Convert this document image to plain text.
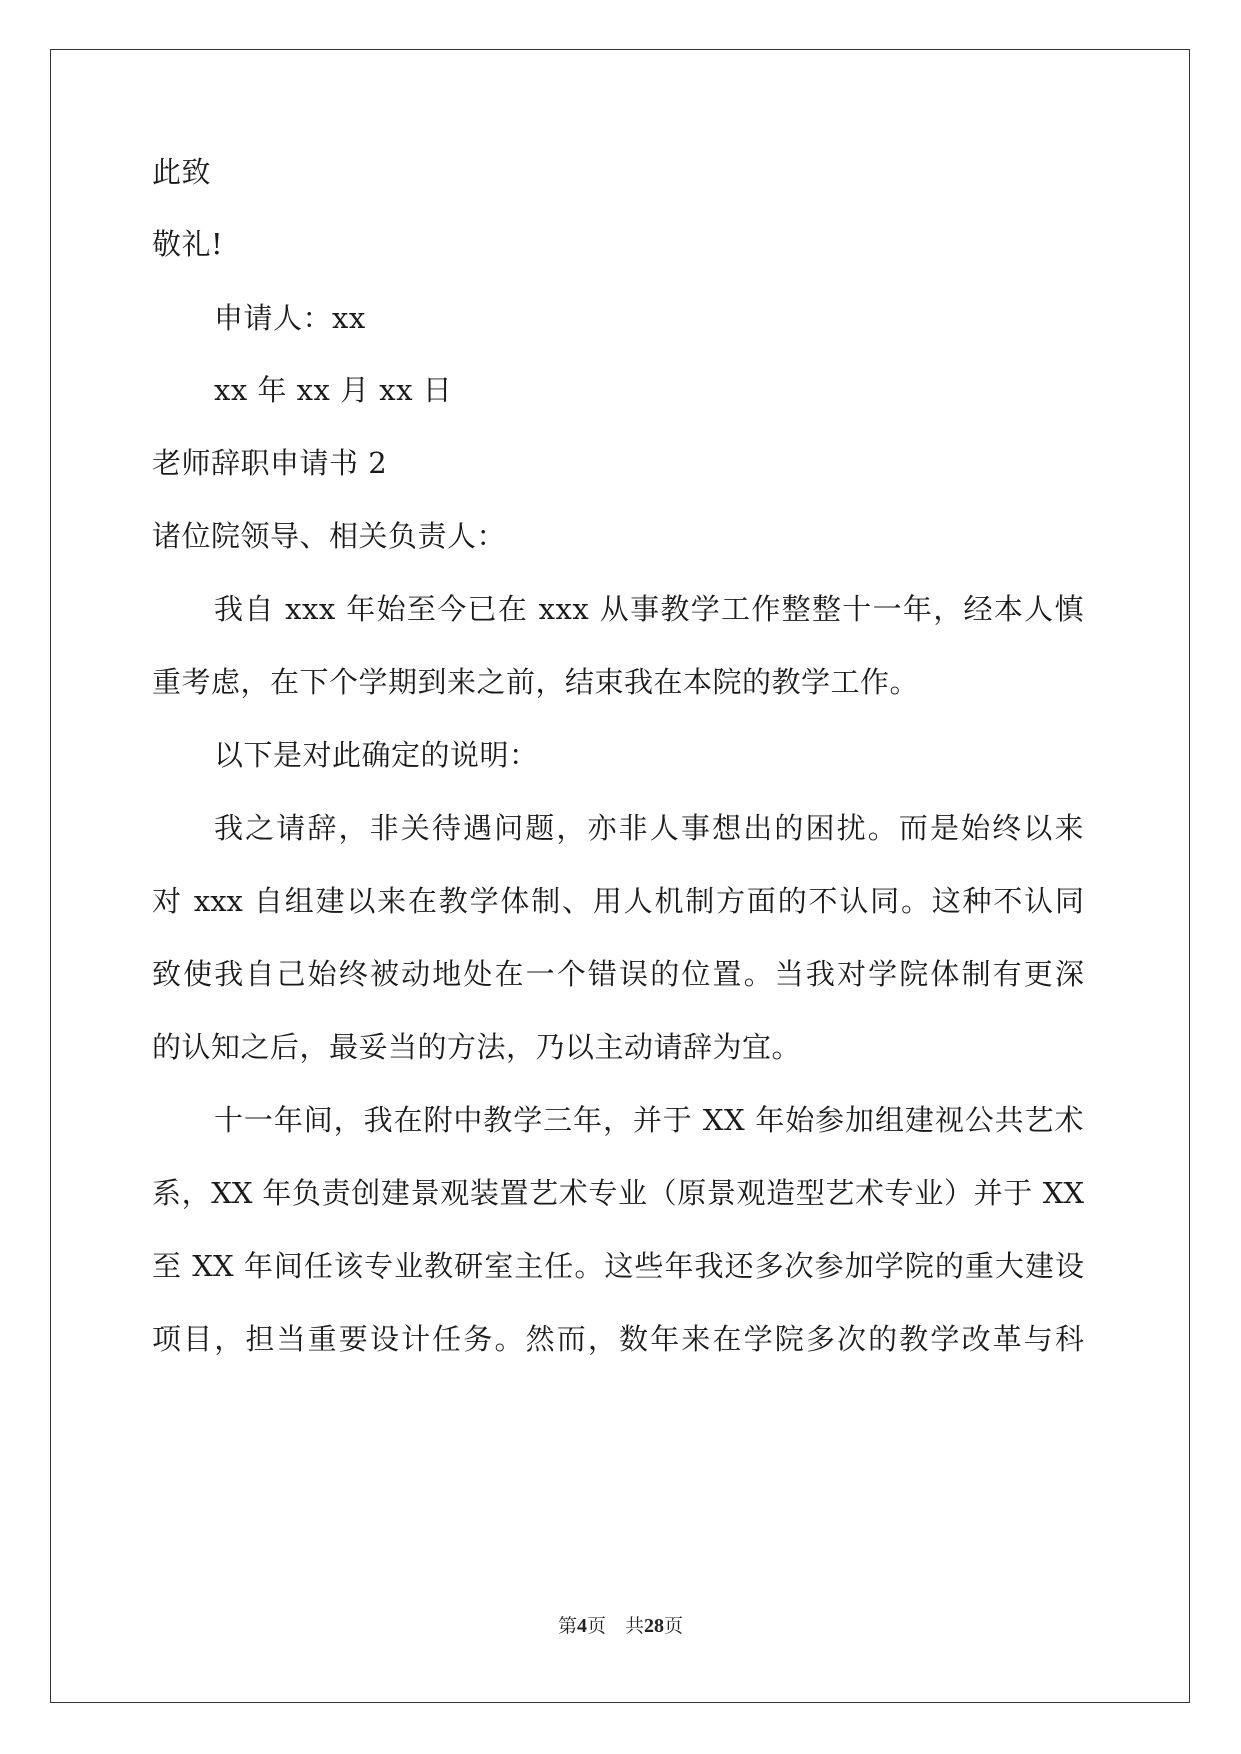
此致
敬礼!
申请人：xx
xx 年 xx 月 xx 日
老师辞职申请书 2
诸位院领导、相关负责人：
我自 xxx 年始至今已在 xxx 从事教学工作整整十一年，经本人慎
重考虑，在下个学期到来之前，结束我在本院的教学工作。
以下是对此确定的说明：
我之请辞，非关待遇问题，亦非人事想出的困扰。而是始终以来
对 xxx 自组建以来在教学体制、用人机制方面的不认同。这种不认同
致使我自己始终被动地处在一个错误的位置。当我对学院体制有更深
的认知之后，最妥当的方法，乃以主动请辞为宜。
十一年间，我在附中教学三年，并于 XX 年始参加组建视公共艺术
系，XX 年负责创建景观装置艺术专业（原景观造型艺术专业）并于 XX
至 XX 年间任该专业教研室主任。这些年我还多次参加学院的重大建设
项目，担当重要设计任务。然而，数年来在学院多次的教学改革与科
第4页　共28页
